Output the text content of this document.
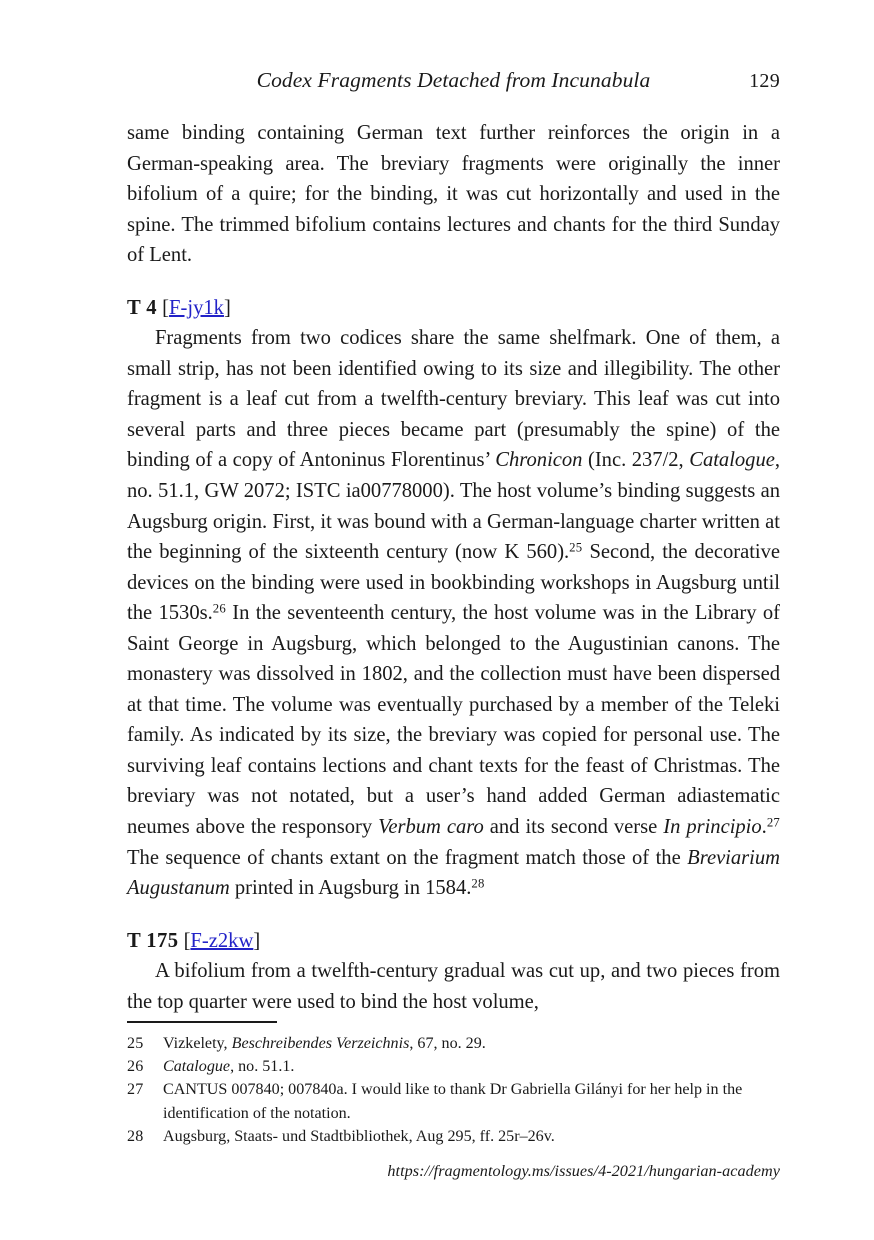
Codex Fragments Detached from Incunabula	129

same binding containing German text further reinforces the origin in a German-speaking area. The breviary fragments were originally the inner bifolium of a quire; for the binding, it was cut horizontally and used in the spine. The trimmed bifolium contains lectures and chants for the third Sunday of Lent.

T 4 [F-jy1k]

Fragments from two codices share the same shelfmark. One of them, a small strip, has not been identified owing to its size and illegibility. The other fragment is a leaf cut from a twelfth-century breviary. This leaf was cut into several parts and three pieces became part (presumably the spine) of the binding of a copy of Antoninus Florentinus’ Chronicon (Inc. 237/2, Catalogue, no. 51.1, GW 2072; ISTC ia00778000). The host volume’s binding suggests an Augsburg origin. First, it was bound with a German-language charter written at the beginning of the sixteenth century (now K 560).$^{25}$ Second, the decorative devices on the binding were used in bookbinding workshops in Augsburg until the 1530s.$^{26}$ In the seventeenth century, the host volume was in the Library of Saint George in Augsburg, which belonged to the Augustinian canons. The monastery was dissolved in 1802, and the collection must have been dispersed at that time. The volume was eventually purchased by a member of the Teleki family. As indicated by its size, the breviary was copied for personal use. The surviving leaf contains lections and chant texts for the feast of Christmas. The breviary was not notated, but a user’s hand added German adiastematic neumes above the responsory Verbum caro and its second verse In principio.$^{27}$ The sequence of chants extant on the fragment match those of the Breviarium Augustanum printed in Augsburg in 1584.28

T 175 [F-z2kw]

A bifolium from a twelfth-century gradual was cut up, and two pieces from the top quarter were used to bind the host volume,

25	Vizkelety, Beschreibendes Verzeichnis, 67, no. 29.
26	Catalogue, no. 51.1.
27	CANTUS 007840; 007840a. I would like to thank Dr Gabriella Gilányi for her help in the identification of the notation.
28	Augsburg, Staats- und Stadtbibliothek, Aug 295, ff. 25r–26v.
https://fragmentology.ms/issues/4-2021/hungarian-academy
